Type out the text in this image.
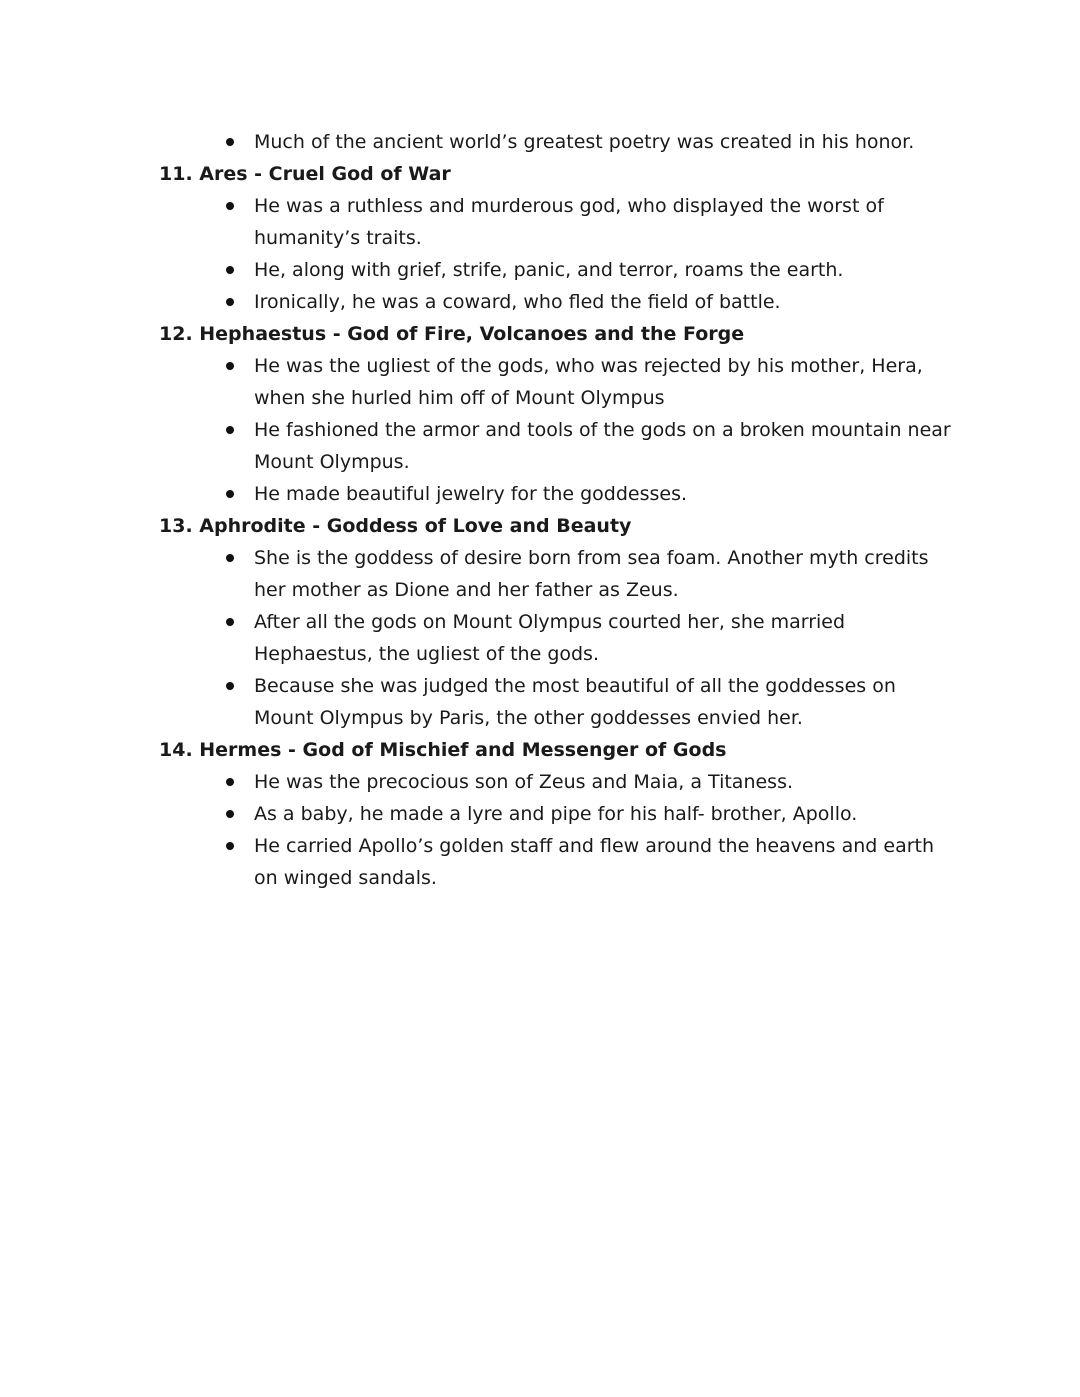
Much of the ancient world’s greatest poetry was created in his honor.
11. Ares - Cruel God of War
He was a ruthless and murderous god, who displayed the worst of humanity’s traits.
He, along with grief, strife, panic, and terror, roams the earth.
Ironically, he was a coward, who fled the field of battle.
12. Hephaestus - God of Fire, Volcanoes and the Forge
He was the ugliest of the gods, who was rejected by his mother, Hera, when she hurled him off of Mount Olympus
He fashioned the armor and tools of the gods on a broken mountain near Mount Olympus.
He made beautiful jewelry for the goddesses.
13. Aphrodite - Goddess of Love and Beauty
She is the goddess of desire born from sea foam. Another myth credits her mother as Dione and her father as Zeus.
After all the gods on Mount Olympus courted her, she married Hephaestus, the ugliest of the gods.
Because she was judged the most beautiful of all the goddesses on Mount Olympus by Paris, the other goddesses envied her.
14. Hermes - God of Mischief and Messenger of Gods
He was the precocious son of Zeus and Maia, a Titaness.
As a baby, he made a lyre and pipe for his half- brother, Apollo.
He carried Apollo’s golden staff and flew around the heavens and earth on winged sandals.
